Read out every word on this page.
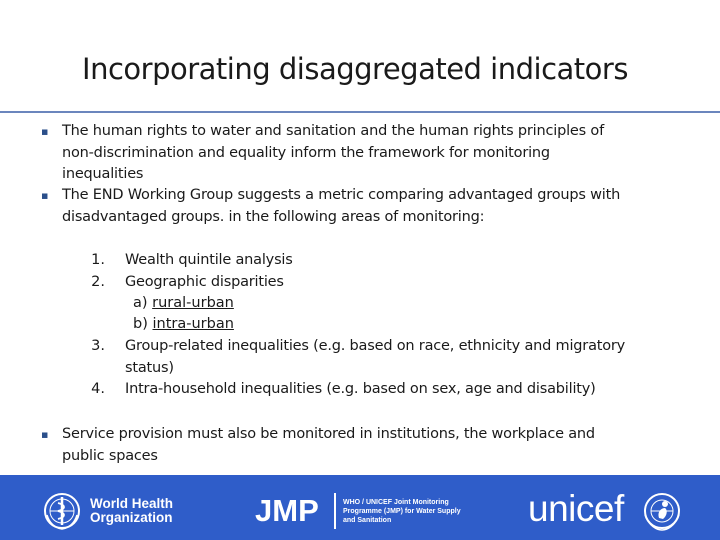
Incorporating disaggregated indicators
▪ The human rights to water and sanitation and the human rights principles of
non-discrimination and equality inform the framework for monitoring
inequalities
▪ The END Working Group suggests a metric comparing advantaged groups with
disadvantaged groups. in the following areas of monitoring:
1. Wealth quintile analysis
2. Geographic disparities
a) rural-urban
b) intra-urban
3. Group-related inequalities (e.g. based on race, ethnicity and migratory
status)
4. Intra-household inequalities (e.g. based on sex, age and disability)
▪ Service provision must also be monitored in institutions, the workplace and
public spaces
World Health
Organization	JMP	WHO / UNICEF Joint Monitoring
Programme (JMP) for Water Supply
and Sanitation	unicef
